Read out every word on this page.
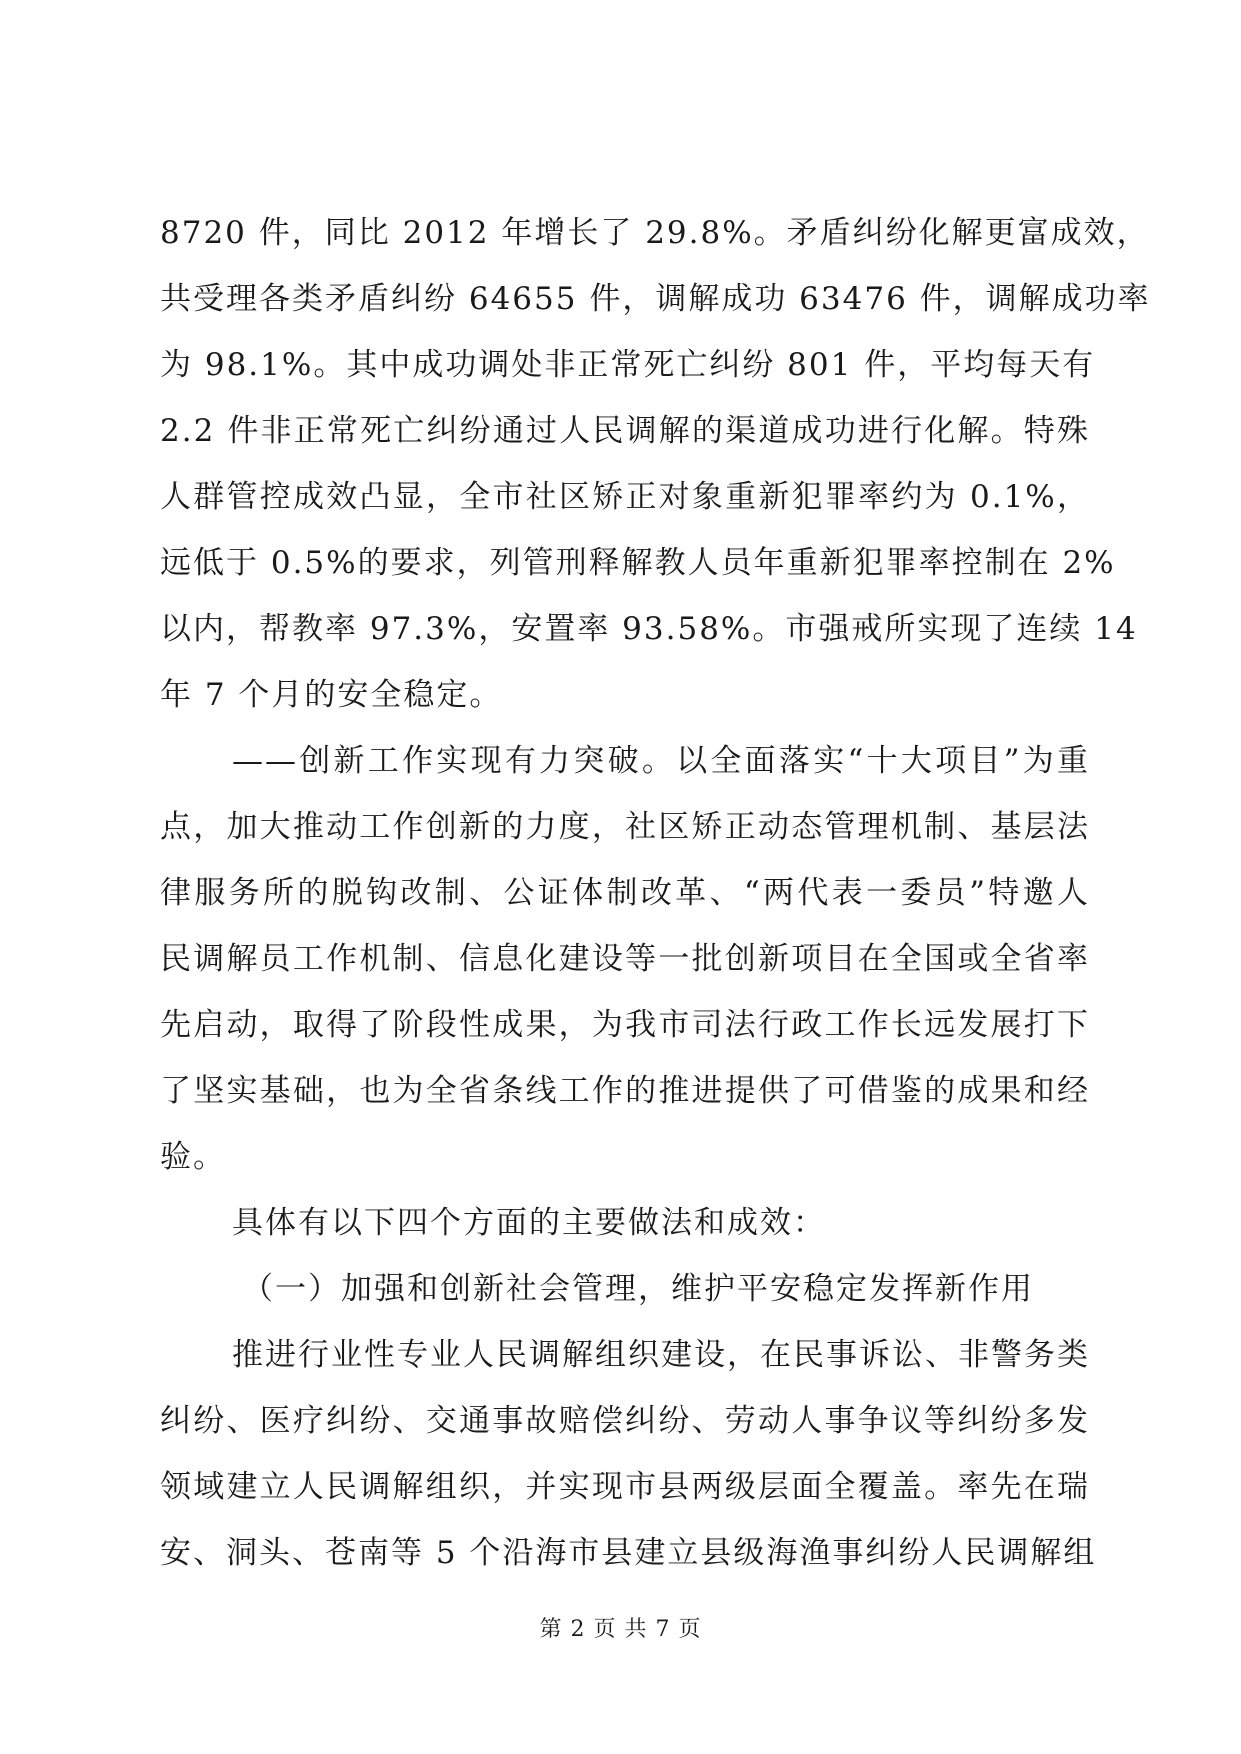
8720 件，同比 2012 年增长了 29.8%。矛盾纠纷化解更富成效，
共受理各类矛盾纠纷 64655 件，调解成功 63476 件，调解成功率
为 98.1%。其中成功调处非正常死亡纠纷 801 件，平均每天有
2.2 件非正常死亡纠纷通过人民调解的渠道成功进行化解。特殊
人群管控成效凸显，全市社区矫正对象重新犯罪率约为 0.1%，
远低于 0.5%的要求，列管刑释解教人员年重新犯罪率控制在 2%
以内，帮教率 97.3%，安置率 93.58%。市强戒所实现了连续 14
年 7 个月的安全稳定。
——创新工作实现有力突破。以全面落实“十大项目”为重
点，加大推动工作创新的力度，社区矫正动态管理机制、基层法
律服务所的脱钩改制、公证体制改革、“两代表一委员”特邀人
民调解员工作机制、信息化建设等一批创新项目在全国或全省率
先启动，取得了阶段性成果，为我市司法行政工作长远发展打下
了坚实基础，也为全省条线工作的推进提供了可借鉴的成果和经
验。
具体有以下四个方面的主要做法和成效：
（一）加强和创新社会管理，维护平安稳定发挥新作用
推进行业性专业人民调解组织建设，在民事诉讼、非警务类
纠纷、医疗纠纷、交通事故赔偿纠纷、劳动人事争议等纠纷多发
领域建立人民调解组织，并实现市县两级层面全覆盖。率先在瑞
安、洞头、苍南等 5 个沿海市县建立县级海渔事纠纷人民调解组
第 2 页 共 7 页
